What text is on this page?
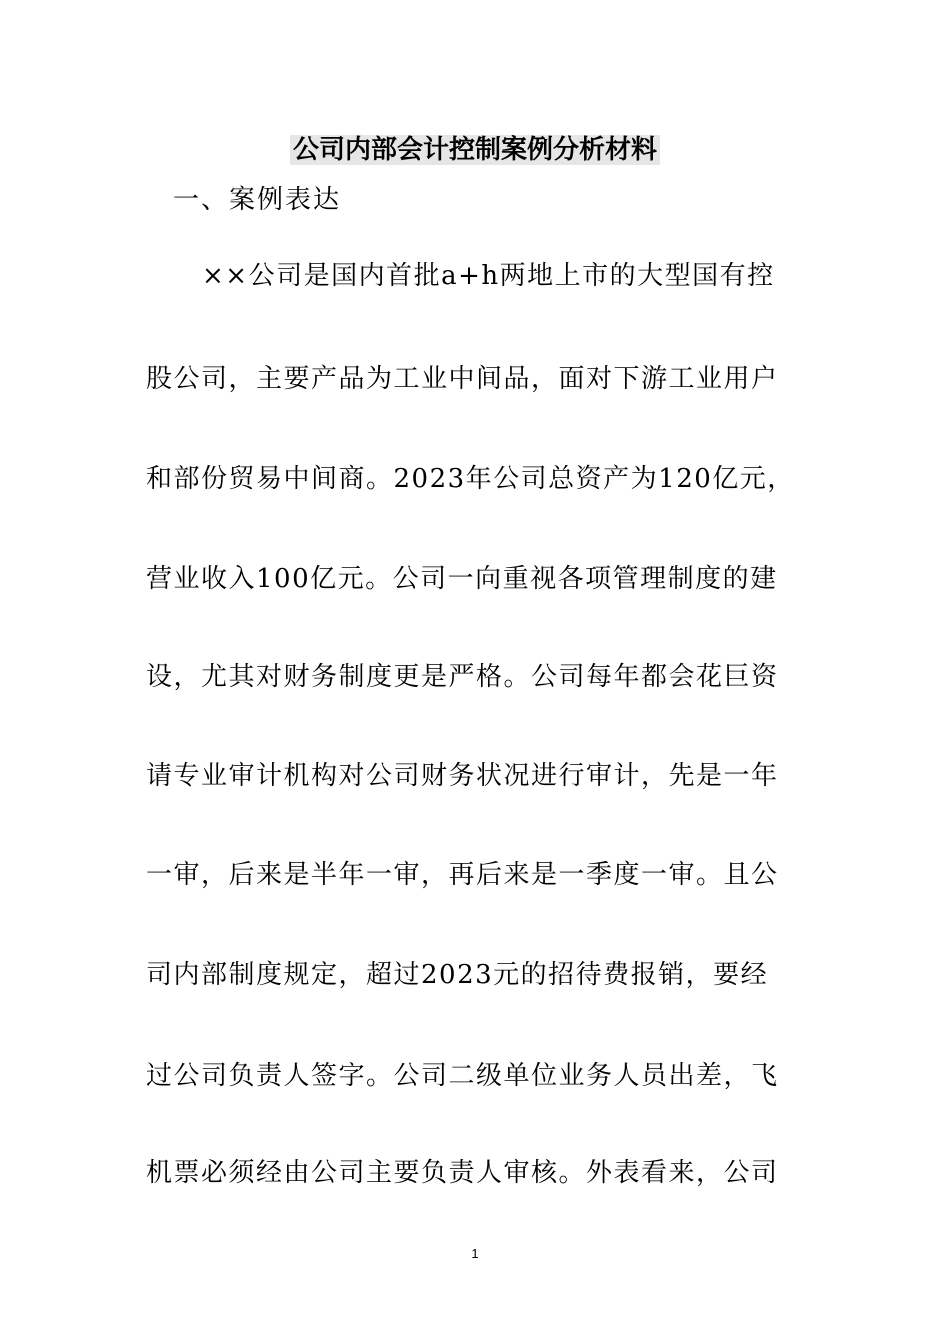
公司内部会计控制案例分析材料
一、案例表达
××公司是国内首批a+h两地上市的大型国有控
股公司，主要产品为工业中间品，面对下游工业用户
和部份贸易中间商。2023年公司总资产为120亿元，
营业收入100亿元。公司一向重视各项管理制度的建
设，尤其对财务制度更是严格。公司每年都会花巨资
请专业审计机构对公司财务状况进行审计，先是一年
一审，后来是半年一审，再后来是一季度一审。且公
司内部制度规定，超过2023元的招待费报销，要经
过公司负责人签字。公司二级单位业务人员出差，飞
机票必须经由公司主要负责人审核。外表看来，公司
1
